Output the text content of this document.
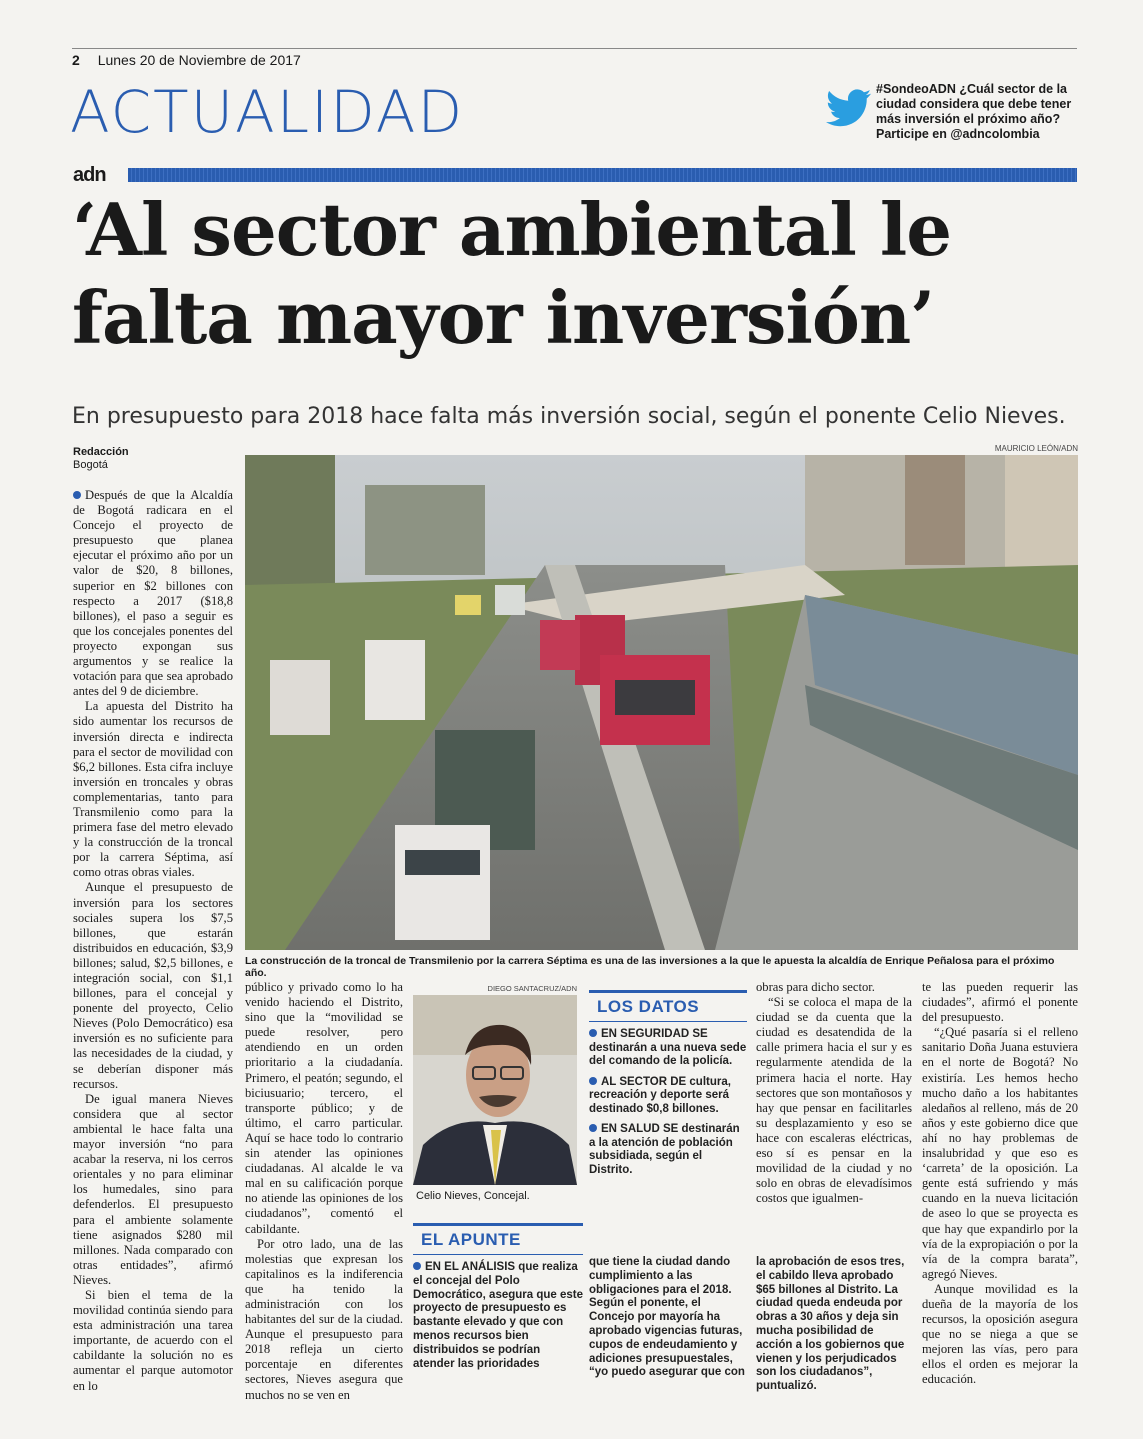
2 Lunes 20 de Noviembre de 2017
ACTUALIDAD	#SondeoADN ¿Cuál sector de la ciudad considera que debe tener más inversión el próximo año? Participe en @adncolombia
adn
‘Al sector ambiental le falta mayor inversión’
En presupuesto para 2018 hace falta más inversión social, según el ponente Celio Nieves.
Redacción
Bogotá
MAURICIO LEÓN/ADN
La construcción de la troncal de Transmilenio por la carrera Séptima es una de las inversiones a la que le apuesta la alcaldía de Enrique Peñalosa para el próximo año.

Después de que la Alcaldía de Bogotá radicara en el Concejo el proyecto de presupuesto que planea ejecutar el próximo año por un valor de $20, 8 billones, superior en $2 billones con respecto a 2017 ($18,8 billones), el paso a seguir es que los concejales ponentes del proyecto expongan sus argumentos y se realice la votación para que sea aprobado antes del 9 de diciembre.

La apuesta del Distrito ha sido aumentar los recursos de inversión directa e indirecta para el sector de movilidad con $6,2 billones. Esta cifra incluye inversión en troncales y obras complementarias, tanto para Transmilenio como para la primera fase del metro elevado y la construcción de la troncal por la carrera Séptima, así como otras obras viales.

Aunque el presupuesto de inversión para los sectores sociales supera los $7,5 billones, que estarán distribuidos en educación, $3,9 billones; salud, $2,5 billones, e integración social, con $1,1 billones, para el concejal y ponente del proyecto, Celio Nieves (Polo Democrático) esa inversión es no suficiente para las necesidades de la ciudad, y se deberían disponer más recursos.

De igual manera Nieves considera que al sector ambiental le hace falta una mayor inversión “no para acabar la reserva, ni los cerros orientales y no para eliminar los humedales, sino para defenderlos. El presupuesto para el ambiente solamente tiene asignados $280 mil millones. Nada comparado con otras entidades”, afirmó Nieves.

Si bien el tema de la movilidad continúa siendo para esta administración una tarea importante, de acuerdo con el cabildante la solución no es aumentar el parque automotor en lo

público y privado como lo ha venido haciendo el Distrito, sino que la “movilidad se puede resolver, pero atendiendo en un orden prioritario a la ciudadanía. Primero, el peatón; segundo, el biciusuario; tercero, el transporte público; y de último, el carro particular. Aquí se hace todo lo contrario sin atender las opiniones ciudadanas. Al alcalde le va mal en su calificación porque no atiende las opiniones de los ciudadanos”, comentó el cabildante.

Por otro lado, una de las molestias que expresan los capitalinos es la indiferencia que ha tenido la administración con los habitantes del sur de la ciudad. Aunque el presupuesto para 2018 refleja un cierto porcentaje en diferentes sectores, Nieves asegura que muchos no se ven en

DIEGO SANTACRUZ/ADN
Celio Nieves, Concejal.
LOS DATOS
EN SEGURIDAD SE destinarán a una nueva sede del comando de la policía.
AL SECTOR DE cultura, recreación y deporte será destinado $0,8 billones.
EN SALUD SE destinarán a la atención de población subsidiada, según el Distrito.

obras para dicho sector.

“Si se coloca el mapa de la ciudad se da cuenta que la ciudad es desatendida de la calle primera hacia el sur y es regularmente atendida de la primera hacia el norte. Hay sectores que son montañosos y hay que pensar en facilitarles su desplazamiento y eso se hace con escaleras eléctricas, eso sí es pensar en la movilidad de la ciudad y no solo en obras de elevadísimos costos que igualmen-

te las pueden requerir las ciudades”, afirmó el ponente del presupuesto.

“¿Qué pasaría si el relleno sanitario Doña Juana estuviera en el norte de Bogotá? No existiría. Les hemos hecho mucho daño a los habitantes aledaños al relleno, más de 20 años y este gobierno dice que ahí no hay problemas de insalubridad y que eso es ‘carreta’ de la oposición. La gente está sufriendo y más cuando en la nueva licitación de aseo lo que se proyecta es que hay que expandirlo por la vía de la expropiación o por la vía de la compra barata”, agregó Nieves.

Aunque movilidad es la dueña de la mayoría de los recursos, la oposición asegura que no se niega a que se mejoren las vías, pero para ellos el orden es mejorar la educación.

EL APUNTE
EN EL ANÁLISIS que realiza el concejal del Polo Democrático, asegura que este proyecto de presupuesto es bastante elevado y que con menos recursos bien distribuidos se podrían atender las prioridades
que tiene la ciudad dando cumplimiento a las obligaciones para el 2018. Según el ponente, el Concejo por mayoría ha aprobado vigencias futuras, cupos de endeudamiento y adiciones presupuestales, “yo puedo asegurar que con
la aprobación de esos tres, el cabildo lleva aprobado $65 billones al Distrito. La ciudad queda endeuda por obras a 30 años y deja sin mucha posibilidad de acción a los gobiernos que vienen y los perjudicados son los ciudadanos”, puntualizó.
